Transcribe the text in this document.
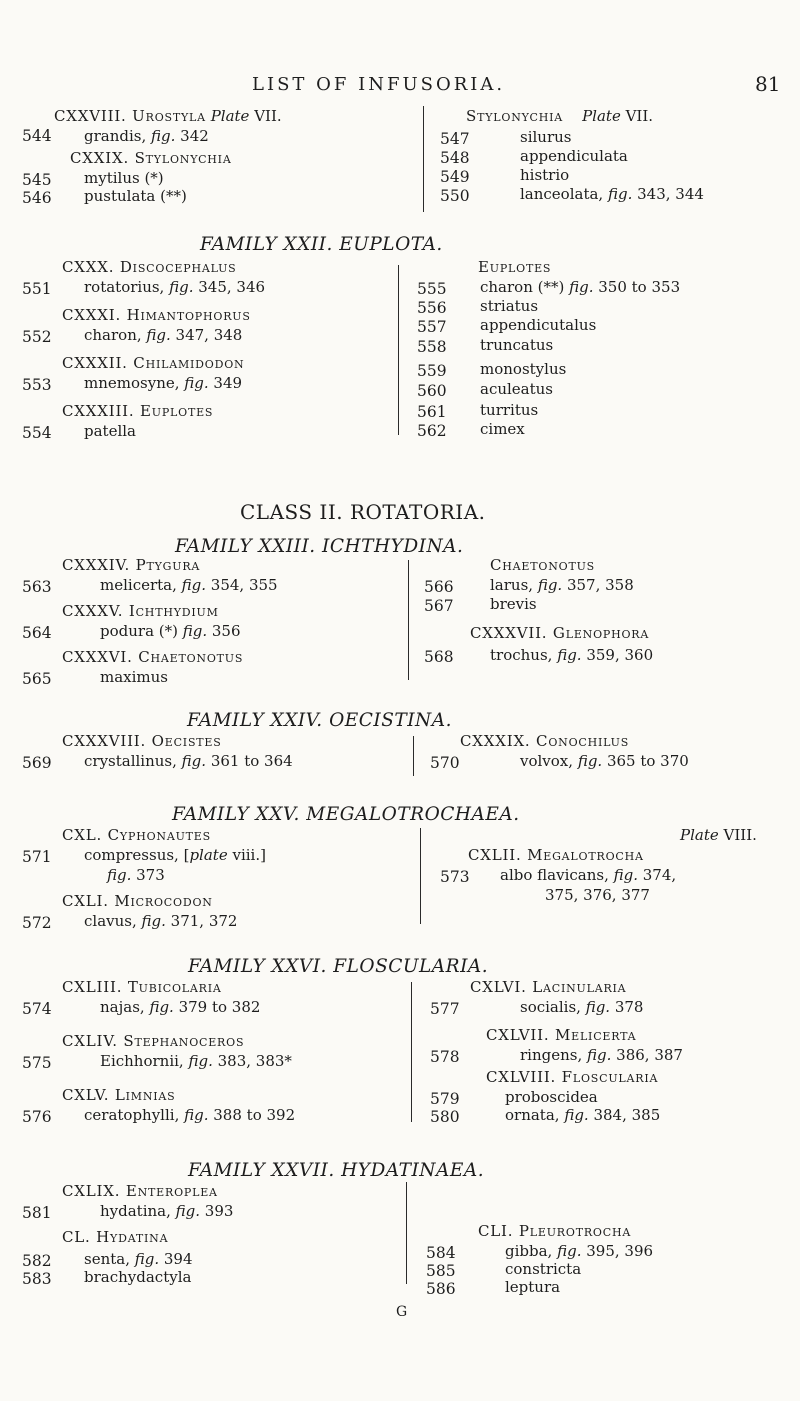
LIST OF INFUSORIA.	81
CXXVIII. Urostyla Plate VII.
544 grandis, fig. 342
CXXIX. Stylonychia
545 mytilus (*)
546 pustulata (**)
Stylonychia Plate VII.
547	silurus
548	appendiculata
549	histrio
550	lanceolata, fig. 343, 344
FAMILY XXII. EUPLOTA.
CXXX. Discocephalus
551 rotatorius, fig. 345, 346
CXXXI. Himantophorus
552 charon, fig. 347, 348
CXXXII. Chilamidodon
553 mnemosyne, fig. 349
CXXXIII. Euplotes
554 patella
Euplotes
555 charon (**) fig. 350 to 353
556 striatus
557 appendicutalus
558 truncatus
559 monostylus
560 aculeatus
561 turritus
562 cimex
CLASS II. ROTATORIA.
FAMILY XXIII. ICHTHYDINA.
CXXXIV. Ptygura
563	melicerta, fig. 354, 355
CXXXV. Ichthydium
564	podura (*) fig. 356
CXXXVI. Chaetonotus
565	maximus
Chaetonotus
566 larus, fig. 357, 358
567 brevis
CXXXVII. Glenophora
568 trochus, fig. 359, 360
FAMILY XXIV. OECISTINA.
CXXXVIII. Oecistes
569 crystallinus, fig. 361 to 364
CXXXIX. Conochilus
570	volvox, fig. 365 to 370
FAMILY XXV. MEGALOTROCHAEA.
CXL. Cyphonautes
571 compressus, [plate viii.]
fig. 373
CXLI. Microcodon
572 clavus, fig. 371, 372
Plate VIII.
CXLII. Megalotrocha
573 albo flavicans, fig. 374,
375, 376, 377
FAMILY XXVI. FLOSCULARIA.
CXLIII. Tubicolaria
574	najas, fig. 379 to 382
CXLIV. Stephanoceros
575	Eichhornii, fig. 383, 383*
CXLV. Limnias
576 ceratophylli, fig. 388 to 392
CXLVI. Lacinularia
577	socialis, fig. 378
CXLVII. Melicerta
578	ringens, fig. 386, 387
CXLVIII. Floscularia
579	proboscidea
580	ornata, fig. 384, 385
FAMILY XXVII. HYDATINAEA.
CXLIX. Enteroplea
581	hydatina, fig. 393
CL. Hydatina
582 senta, fig. 394
583 brachydactyla
CLI. Pleurotrocha
584	gibba, fig. 395, 396
585	constricta
586	leptura
G
